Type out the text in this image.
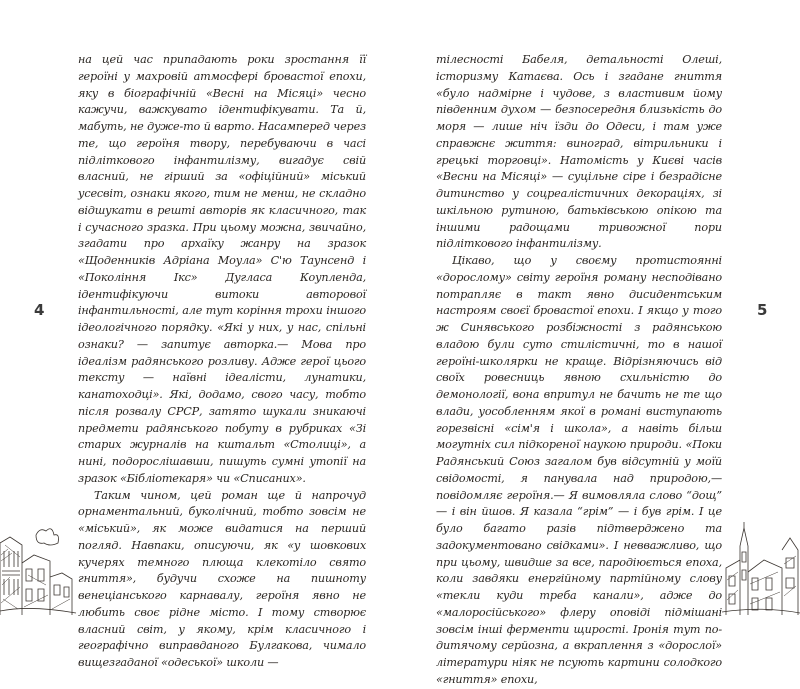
4

на цей час припадають роки зростання її героїні у махровій атмосфері бровастої епохи, яку в біографічній «Весні на Місяці» чесно кажучи, важкувато ідентифікувати. Та й, мабуть, не дуже-то й варто. Насамперед через те, що героїня твору, перебуваючи в часі підліткового інфантилізму, вигадує свій власний, не гірший за «офіційний» міський усесвіт, ознаки якого, тим не менш, не складно відшукати в решті авторів як класичного, так і сучасного зразка. При цьому можна, звичайно, згадати про архаїку жанру на зразок «Щоденників Адріана Моула» С'ю Таунсенд і «Покоління Ікс» Дугласа Коупленда, ідентифікуючи витоки авторової інфантильності, але тут коріння трохи іншого ідеологічного порядку. «Які у них, у нас, спільні ознаки? — запитує авторка.— Мова про ідеалізм радянського розливу. Адже герої цього тексту — наївні ідеалісти, лунатики, канатоходці». Які, додамо, свого часу, тобто після розвалу СРСР, затято шукали зникаючі предмети радянського побуту в рубриках «Зі старих журналів на кштальт «Столиці», а нині, подорослішавши, пишуть сумні утопії на зразок «Бібліотекаря» чи «Списаних».

Таким чином, цей роман ще й напрочуд орнаментальний, буколічний, тобто зовсім не «міський», як може видатися на перший погляд. Навпаки, описуючи, як «у шовкових кучерях темного плюща клекотіло свято гниття», будучи схоже на пишноту венеціанського карнавалу, героїня явно не любить своє рідне місто. І тому створює власний світ, у якому, крім класичного і географічно виправданого Булгакова, чимало вищезгаданої «одеської» школи —

5

тілесності Бабеля, детальності Олеші, історизму Катаєва. Ось і згадане гниття «було надмірне і чудове, з властивим йому південним духом — безпосередня близькість до моря — лише ніч їзди до Одеси, і там уже справжнє життя: виноград, вітрильники і грецькі торговці». Натомість у Києві часів «Весни на Місяці» — суцільне сіре і безрадісне дитинство у соцреалістичних декораціях, зі шкільною рутиною, батьківською опікою та іншими радощами тривожної пори підліткового інфантилізму.

Цікаво, що у своєму протистоянні «дорослому» світу героїня роману несподівано потрапляє в такт явно дисидентським настроям своєї бровастої епохи. І якщо у того ж Синявського розбіжності з радянською владою були суто стилістичні, то в нашої героїні-школярки не краще. Відрізняючись від своїх ровесниць явною схильністю до демонології, вона впритул не бачить не те що влади, уособленням якої в романі виступають горезвісні «сім'я і школа», а навіть більш могутніх сил підкореної наукою природи. «Поки Радянський Союз загалом був відсутній у моїй свідомості, я панувала над природою,— повідомляє героїня.— Я вимовляла слово “дощ” — і він йшов. Я казала “грім” — і був грім. І це було багато разів підтверджено та задокументовано свідками». І невважливо, що при цьому, швидше за все, пародіюється епоха, коли завдяки енергійному партійному слову «текли куди треба канали», адже до «малоросійського» флеру оповіді підмішані зовсім інші ферменти щирості. Іронія тут по-дитячому серйозна, а вкраплення з «дорослої» літератури ніяк не псують картини солодкого «гниття» епохи,
